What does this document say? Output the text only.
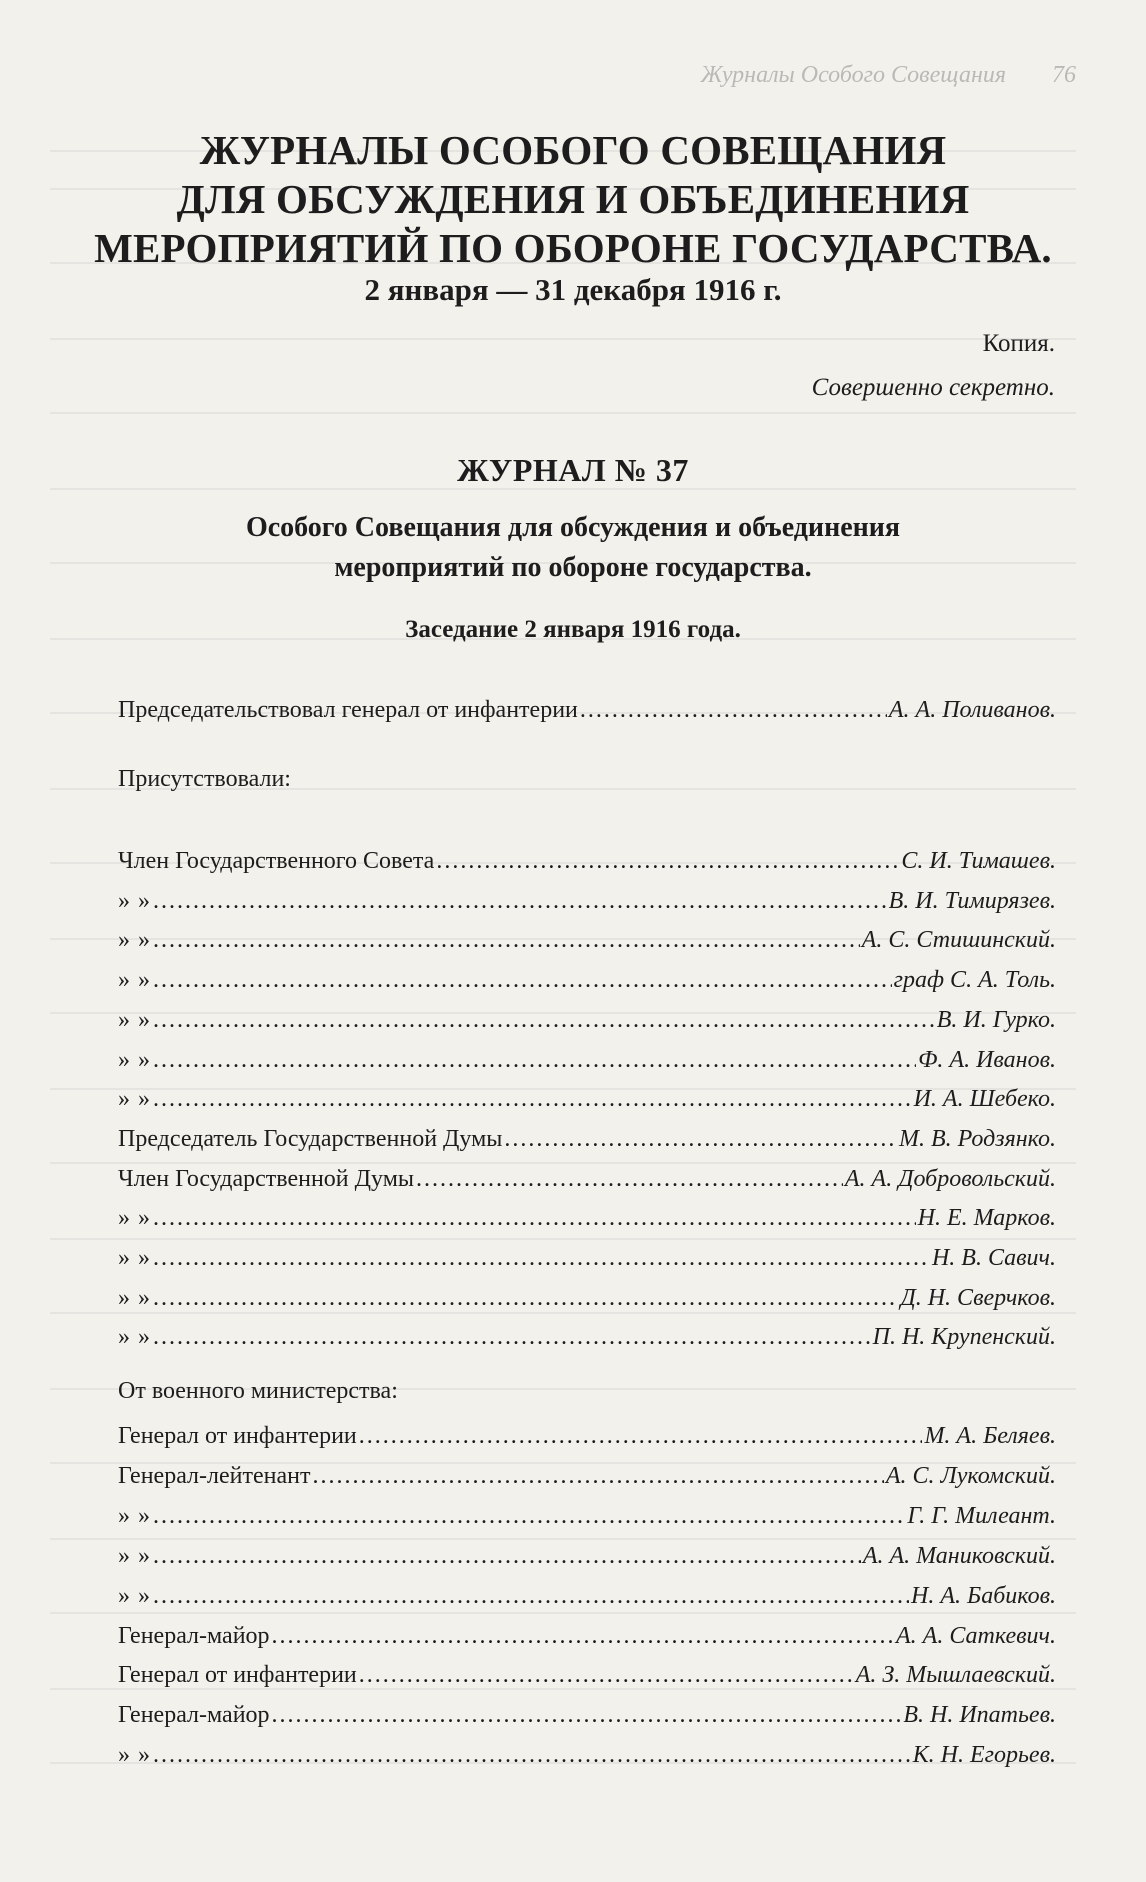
Журналы Особого Совещания 76
ЖУРНАЛЫ ОСОБОГО СОВЕЩАНИЯ
ДЛЯ ОБСУЖДЕНИЯ И ОБЪЕДИНЕНИЯ
МЕРОПРИЯТИЙ ПО ОБОРОНЕ ГОСУДАРСТВА.
2 января — 31 декабря 1916 г.
Копия.
Совершенно секретно.
ЖУРНАЛ № 37
Особого Совещания для обсуждения и объединения
мероприятий по обороне государства.
Заседание 2 января 1916 года.
Председательствовал генерал от инфантерии .....	А. А. Поливанов.
Присутствовали:
Член Государственного Совета .....	С. И. Тимашев.
» » .....	В. И. Тимирязев.
» » .....	А. С. Стишинский.
» » .....	граф С. А. Толь.
» » .....	В. И. Гурко.
» » .....	Ф. А. Иванов.
» » .....	И. А. Шебеко.
Председатель Государственной Думы .....	М. В. Родзянко.
Член Государственной Думы .....	А. А. Добровольский.
» » .....	Н. Е. Марков.
» » .....	Н. В. Савич.
» » .....	Д. Н. Сверчков.
» » .....	П. Н. Крупенский.
От военного министерства:
Генерал от инфантерии .....	М. А. Беляев.
Генерал-лейтенант .....	А. С. Лукомский.
» » .....	Г. Г. Милеант.
» » .....	А. А. Маниковский.
» » .....	Н. А. Бабиков.
Генерал-майор .....	А. А. Саткевич.
Генерал от инфантерии .....	А. З. Мышлаевский.
Генерал-майор .....	В. Н. Ипатьев.
» » .....	К. Н. Егорьев.
